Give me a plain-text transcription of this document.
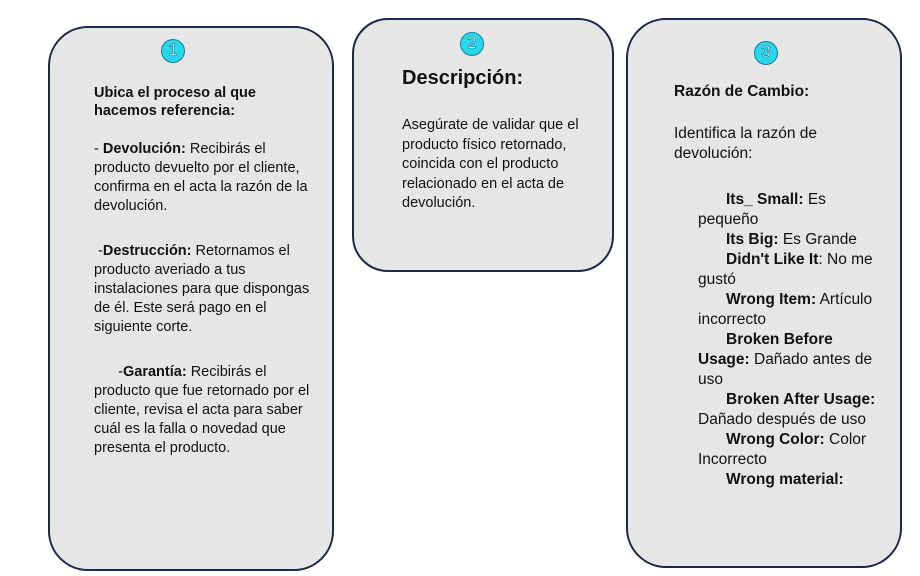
1

Ubica el proceso al que hacemos referencia:

- Devolución: Recibirás el producto devuelto por el cliente, confirma en el acta la razón de la devolución.

-Destrucción: Retornamos el producto averiado a tus instalaciones para que dispongas de él. Este será pago en el siguiente corte.

-Garantía: Recibirás el producto que fue retornado por el cliente, revisa el acta para saber cuál es la falla o novedad que presenta el producto.

2

Descripción:

Asegúrate de validar que el producto físico retornado, coincida con el producto relacionado en el acta de devolución.

3

Razón de Cambio:

Identifica la razón de devolución:

Its_ Small: Es pequeño

Its Big: Es Grande

Didn't Like It: No me gustó

Wrong Item: Artículo incorrecto

Broken Before Usage: Dañado antes de uso

Broken After Usage: Dañado después de uso

Wrong Color: Color Incorrecto

Wrong material:
